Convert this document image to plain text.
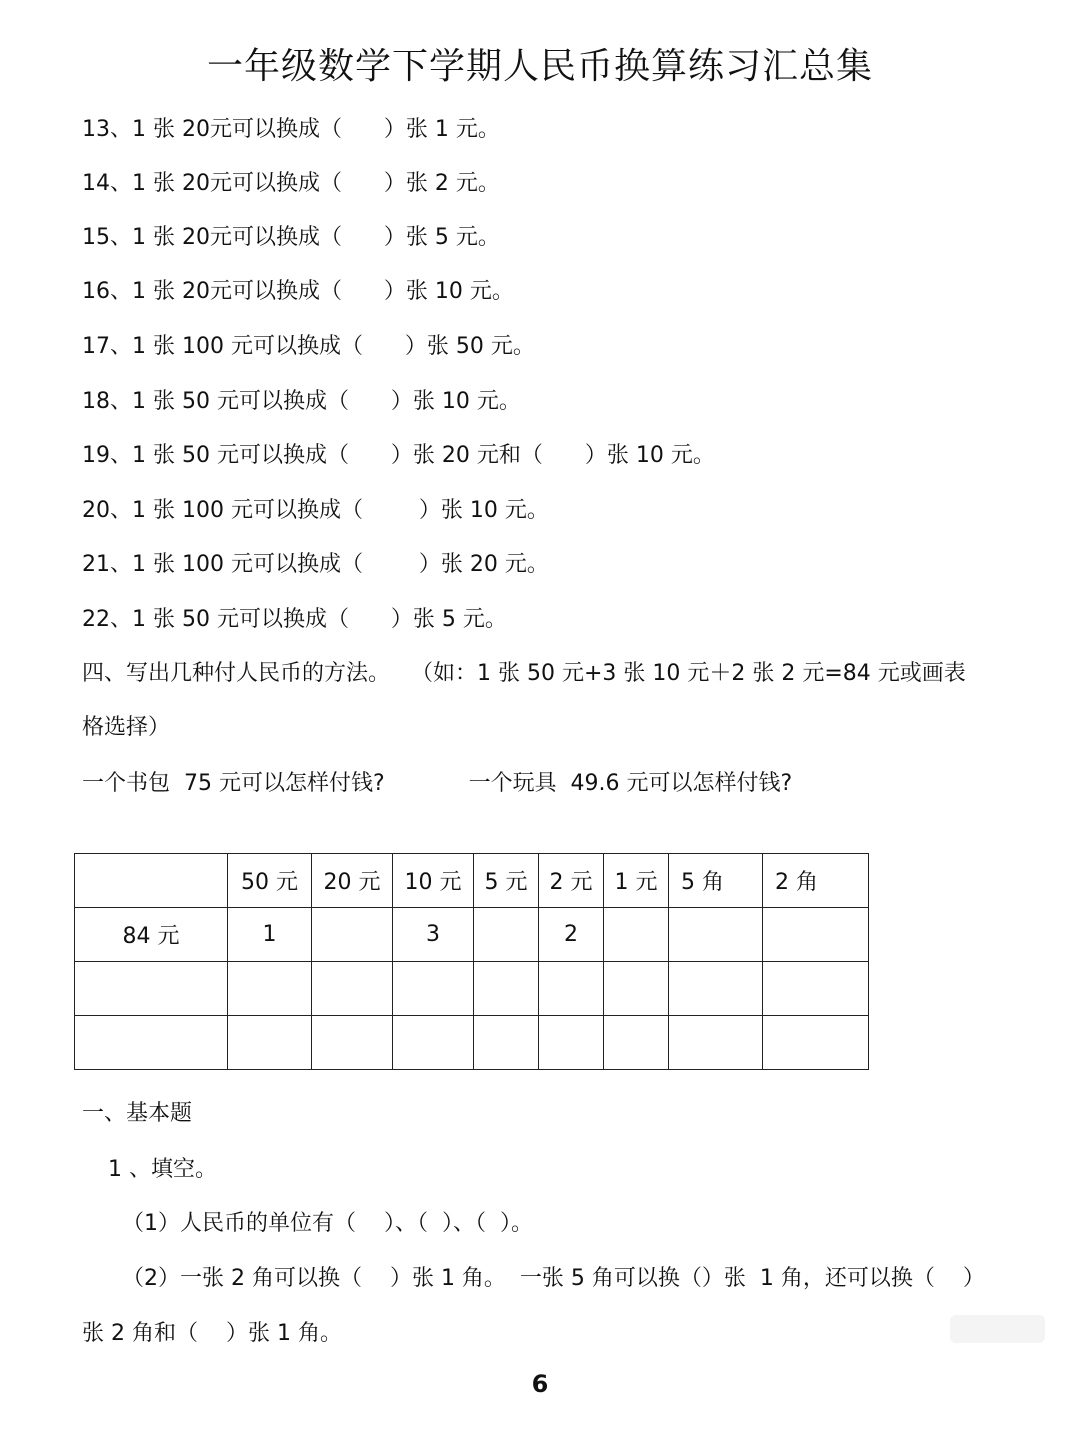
一年级数学下学期人民币换算练习汇总集
13、1 张 20元可以换成（      ）张 1 元。
14、1 张 20元可以换成（      ）张 2 元。
15、1 张 20元可以换成（      ）张 5 元。
16、1 张 20元可以换成（      ）张 10 元。
17、1 张 100 元可以换成（      ）张 50 元。
18、1 张 50 元可以换成（      ）张 10 元。
19、1 张 50 元可以换成（      ）张 20 元和（      ）张 10 元。
20、1 张 100 元可以换成（        ）张 10 元。
21、1 张 100 元可以换成（        ）张 20 元。
22、1 张 50 元可以换成（      ）张 5 元。
四、写出几种付人民币的方法。   （如：1 张 50 元+3 张 10 元＋2 张 2 元=84 元或画表
格选择）
一个书包  75 元可以怎样付钱?            一个玩具  49.6 元可以怎样付钱?
	50 元	20 元	10 元	5 元	2 元	1 元	5 角	2 角
84 元	1		3		2			

一、基本题
1 、填空。
（1）人民币的单位有（    ）、（  ）、（  ）。
（2）一张 2 角可以换（    ）张 1 角。  一张 5 角可以换（）张  1 角，还可以换（    ）
张 2 角和（    ）张 1 角。
6
